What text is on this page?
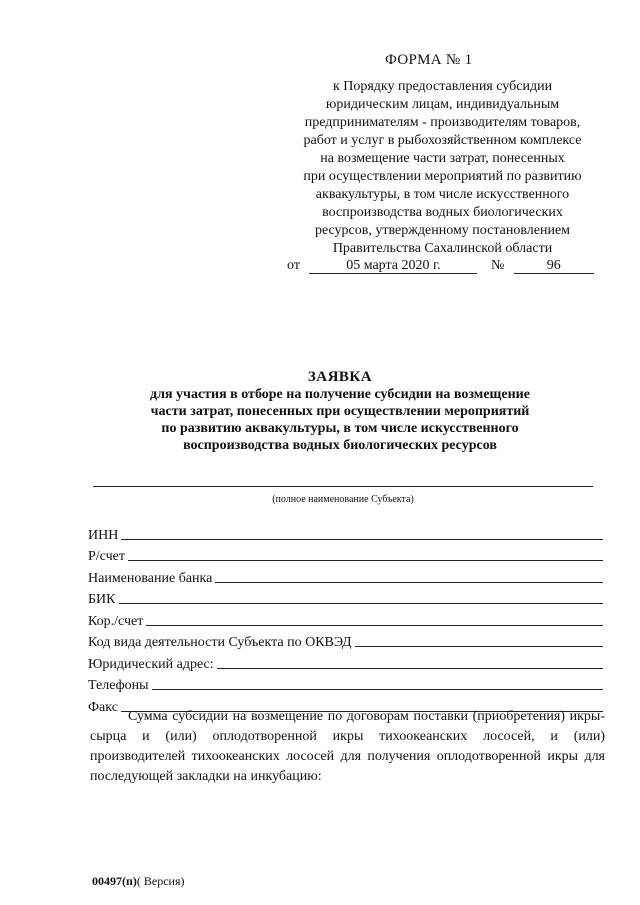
ФОРМА № 1
к Порядку предоставления субсидии
юридическим лицам, индивидуальным
предпринимателям - производителям товаров,
работ и услуг в рыбохозяйственном комплексе
на возмещение части затрат, понесенных
при осуществлении мероприятий по развитию
аквакультуры, в том числе искусственного
воспроизводства водных биологических
ресурсов, утвержденному постановлением
Правительства Сахалинской области
от	05 марта 2020 г.	№	96
ЗАЯВКА
для участия в отборе на получение субсидии на возмещение
части затрат, понесенных при осуществлении мероприятий
по развитию аквакультуры, в том числе искусственного
воспроизводства водных биологических ресурсов
(полное наименование Субъекта)
ИНН
Р/счет
Наименование банка
БИК
Кор./счет
Код вида деятельности Субъекта по ОКВЭД
Юридический адрес:
Телефоны
Факс
Сумма субсидии на возмещение по договорам поставки (приобретения) икры-сырца и (или) оплодотворенной икры тихоокеанских лососей, и (или) производителей тихоокеанских лососей для получения оплодотворенной икры для последующей закладки на инкубацию:
00497(п)( Версия)
